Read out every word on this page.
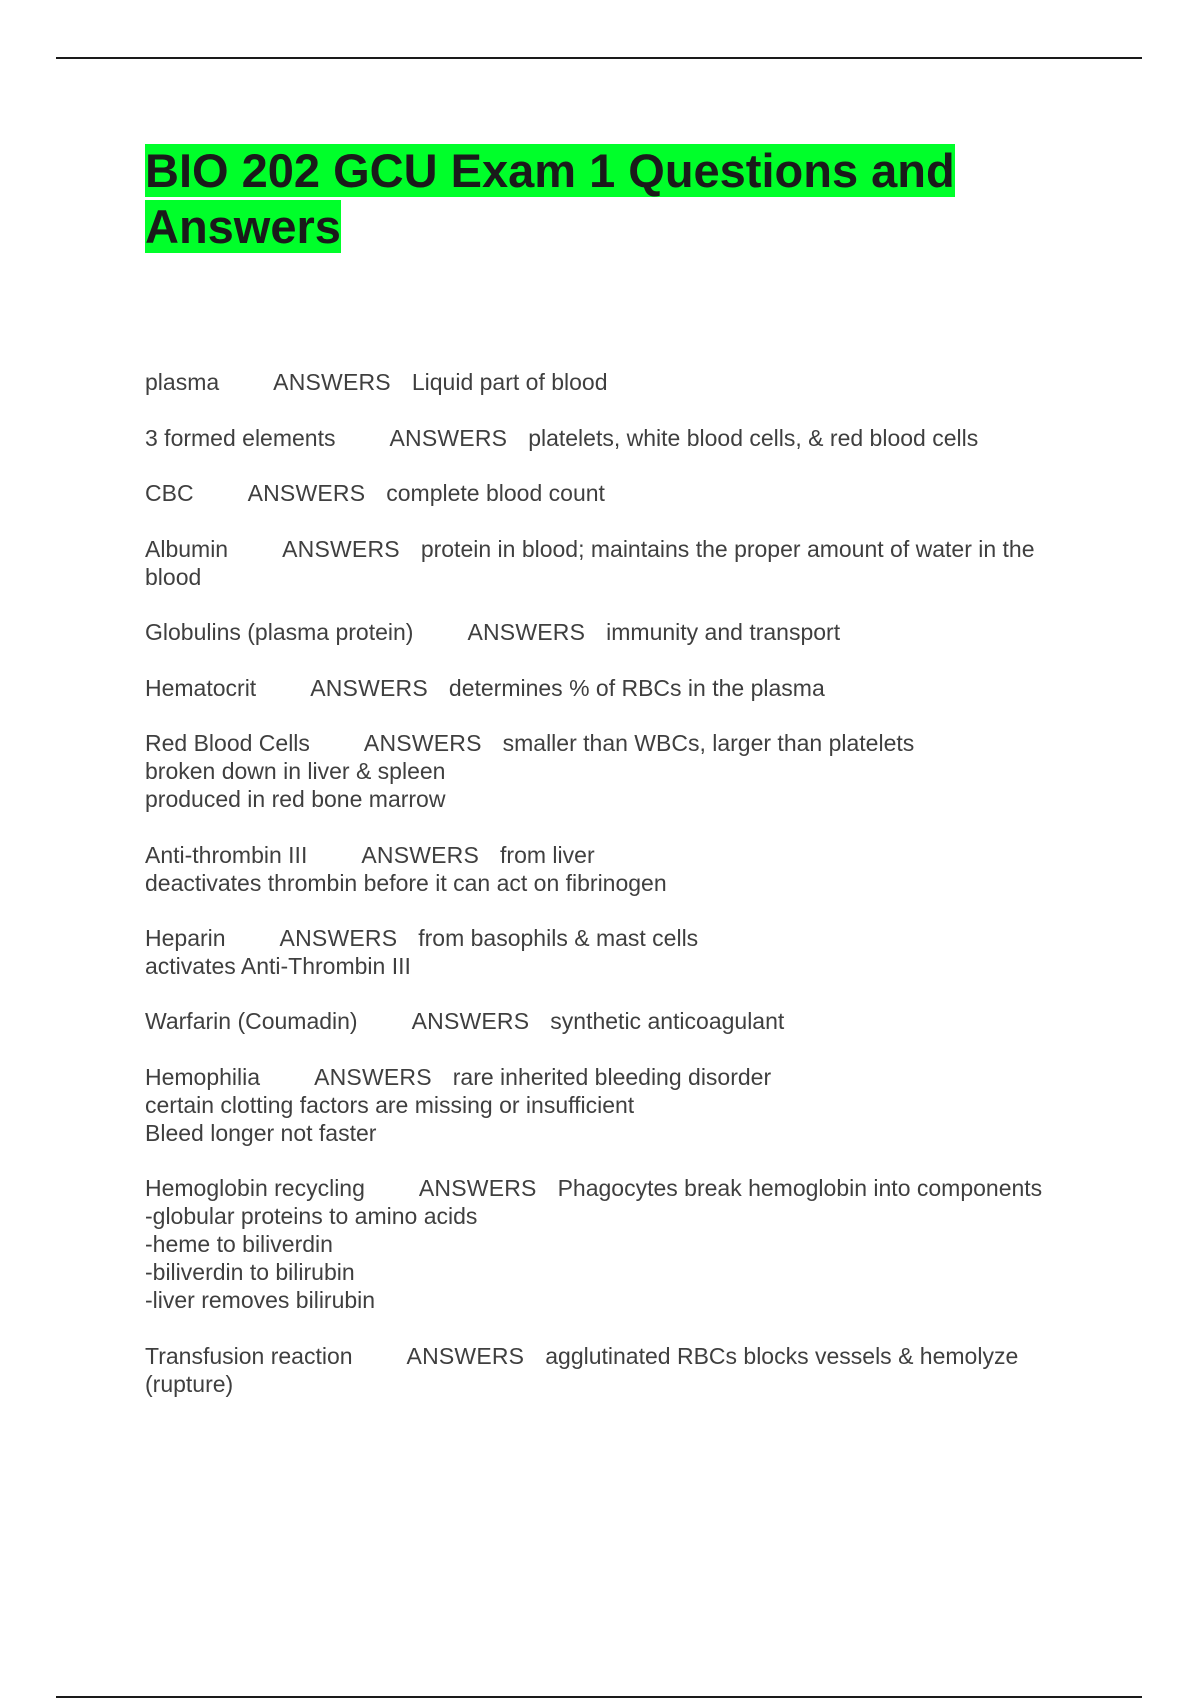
BIO 202 GCU Exam 1 Questions and Answers
plasma ANSWERS Liquid part of blood
3 formed elements ANSWERS platelets, white blood cells, & red blood cells
CBC ANSWERS complete blood count
Albumin ANSWERS protein in blood; maintains the proper amount of water in the
blood
Globulins (plasma protein) ANSWERS immunity and transport
Hematocrit ANSWERS determines % of RBCs in the plasma
Red Blood Cells ANSWERS smaller than WBCs, larger than platelets
broken down in liver & spleen
produced in red bone marrow
Anti-thrombin III ANSWERS from liver
deactivates thrombin before it can act on fibrinogen
Heparin ANSWERS from basophils & mast cells
activates Anti-Thrombin III
Warfarin (Coumadin) ANSWERS synthetic anticoagulant
Hemophilia ANSWERS rare inherited bleeding disorder
certain clotting factors are missing or insufficient
Bleed longer not faster
Hemoglobin recycling ANSWERS Phagocytes break hemoglobin into components
-globular proteins to amino acids
-heme to biliverdin
-biliverdin to bilirubin
-liver removes bilirubin
Transfusion reaction ANSWERS agglutinated RBCs blocks vessels & hemolyze
(rupture)
